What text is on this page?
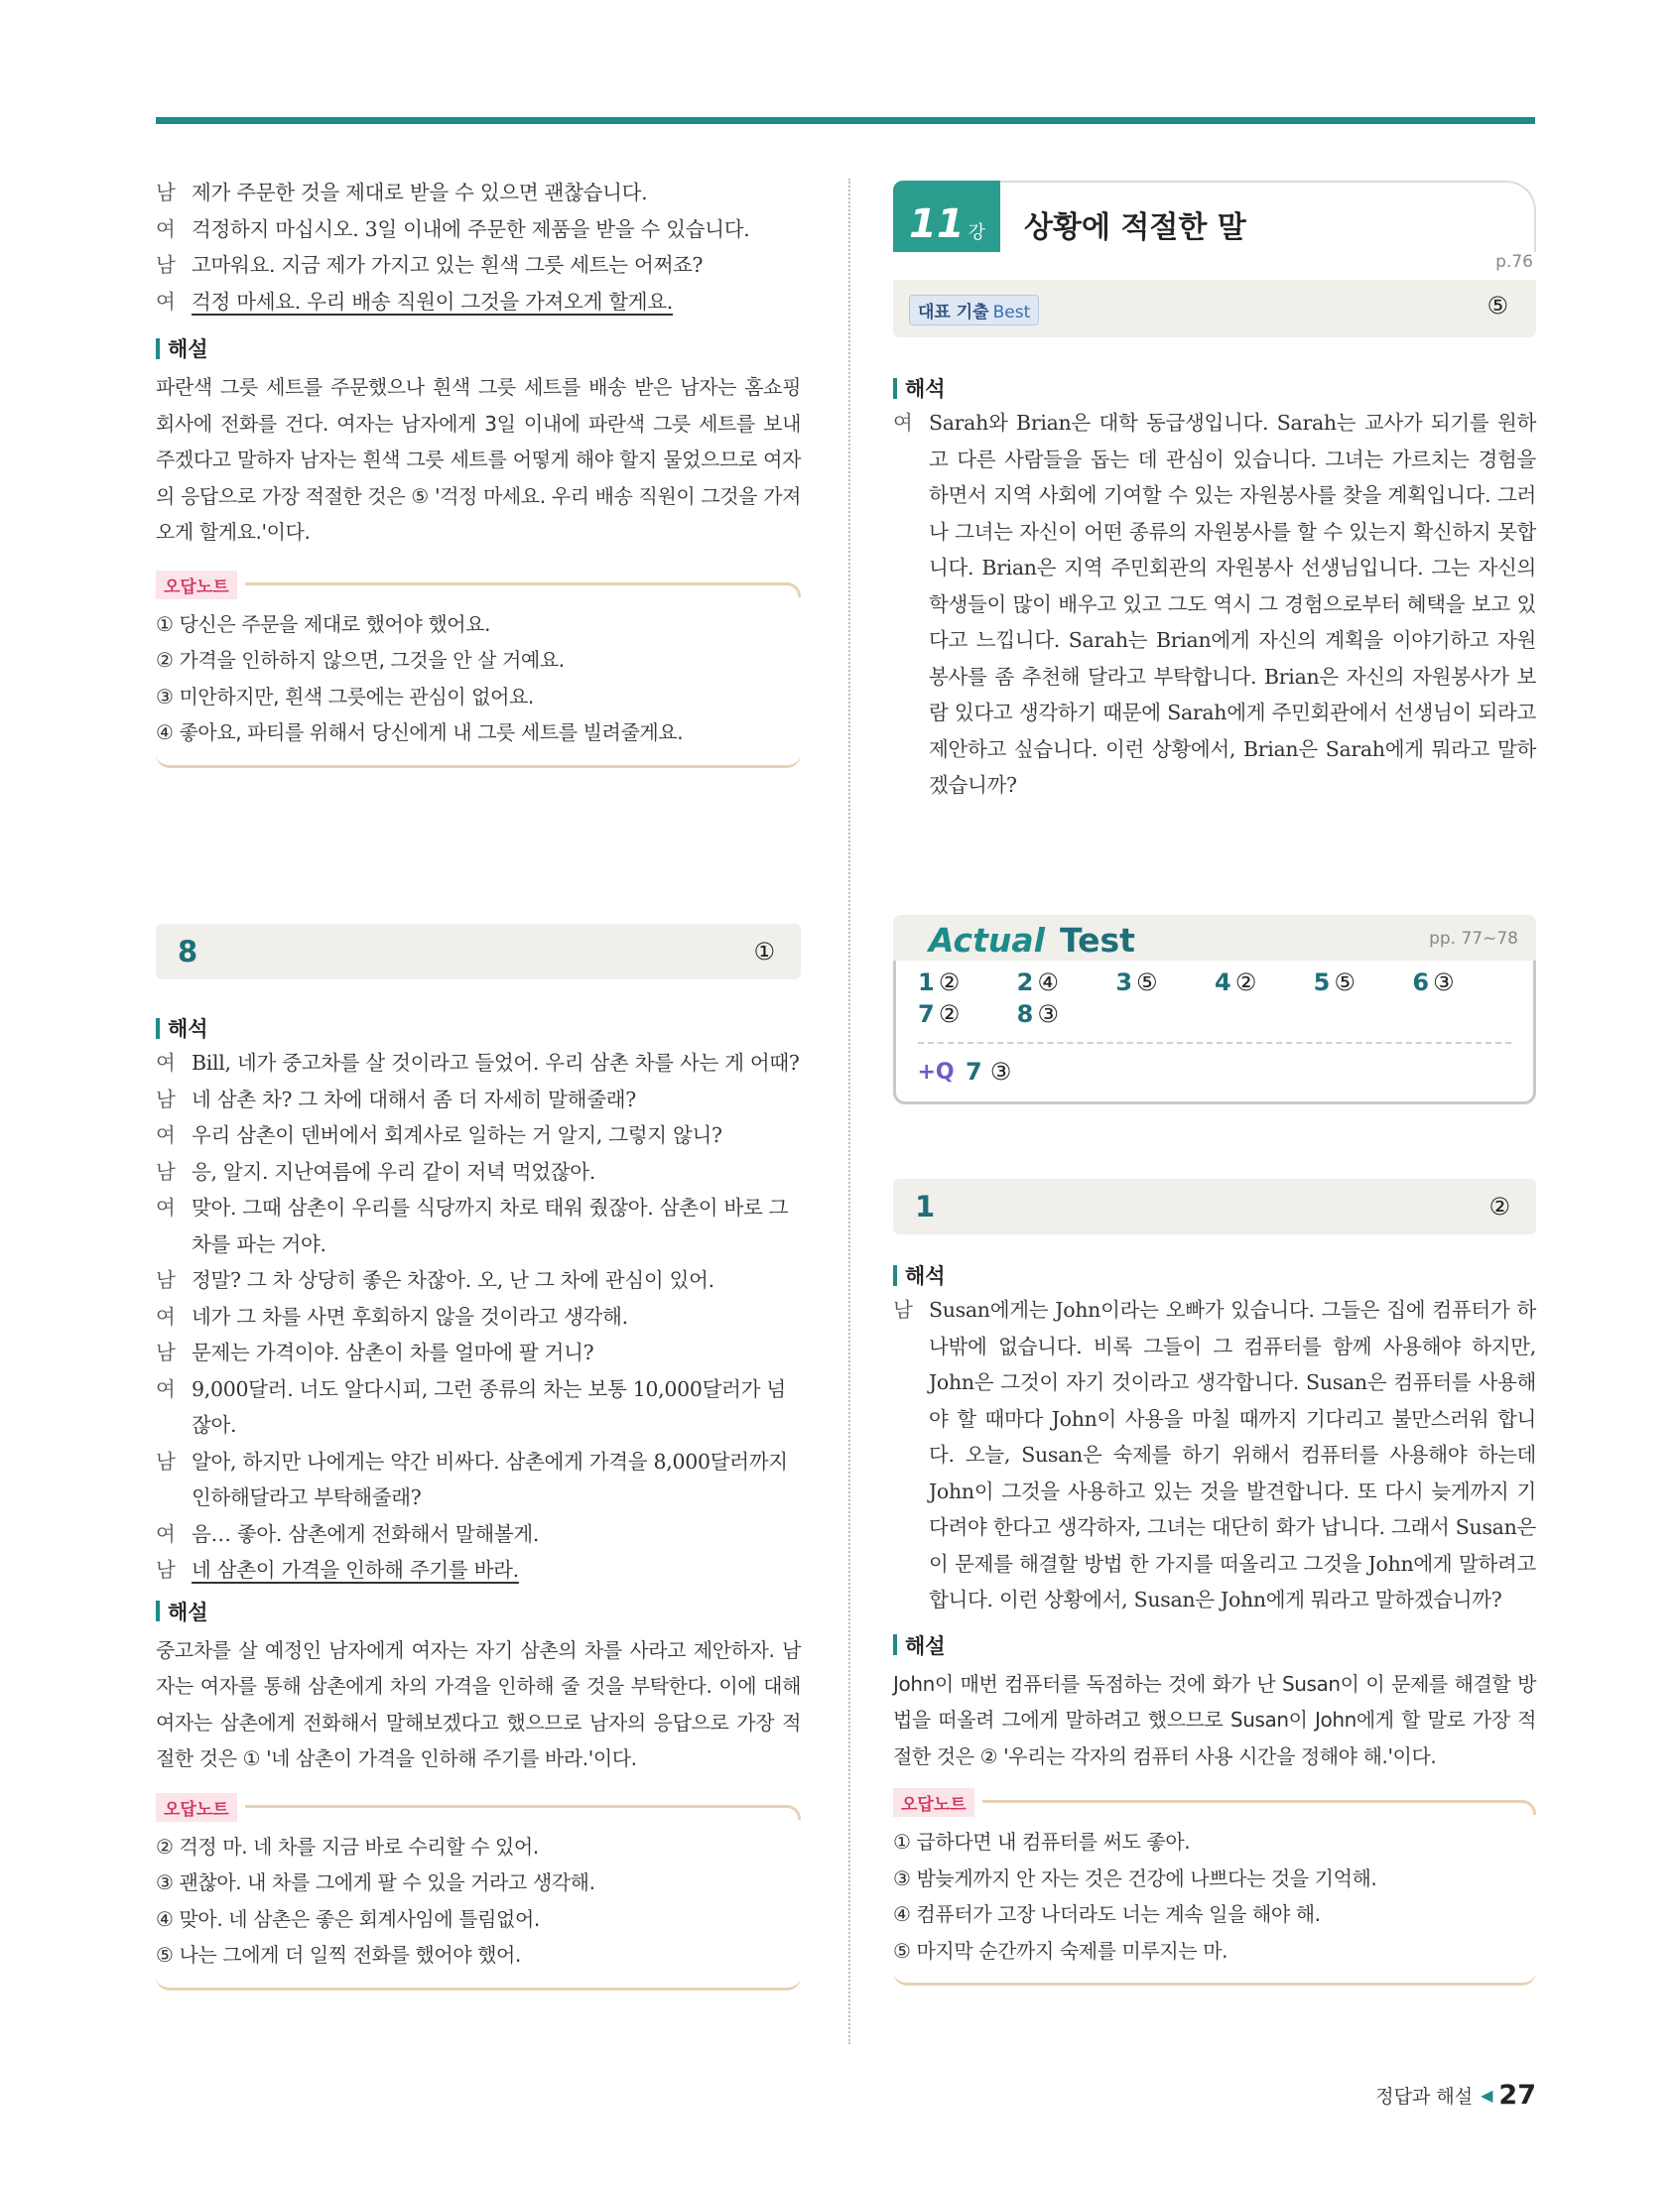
남 제가 주문한 것을 제대로 받을 수 있으면 괜찮습니다.
여 걱정하지 마십시오. 3일 이내에 주문한 제품을 받을 수 있습니다.
남 고마워요. 지금 제가 가지고 있는 흰색 그릇 세트는 어쩌죠?
여 걱정 마세요. 우리 배송 직원이 그것을 가져오게 할게요.
해설
파란색 그릇 세트를 주문했으나 흰색 그릇 세트를 배송 받은 남자는 홈쇼핑 회사에 전화를 건다. 여자는 남자에게 3일 이내에 파란색 그릇 세트를 보내 주겠다고 말하자 남자는 흰색 그릇 세트를 어떻게 해야 할지 물었으므로 여자의 응답으로 가장 적절한 것은 ⑤ '걱정 마세요. 우리 배송 직원이 그것을 가져오게 할게요.'이다.
오답노트
① 당신은 주문을 제대로 했어야 했어요.
② 가격을 인하하지 않으면, 그것을 안 살 거예요.
③ 미안하지만, 흰색 그릇에는 관심이 없어요.
④ 좋아요, 파티를 위해서 당신에게 내 그릇 세트를 빌려줄게요.
8	①
해석
여 Bill, 네가 중고차를 살 것이라고 들었어. 우리 삼촌 차를 사는 게 어때?
남 네 삼촌 차? 그 차에 대해서 좀 더 자세히 말해줄래?
여 우리 삼촌이 덴버에서 회계사로 일하는 거 알지, 그렇지 않니?
남 응, 알지. 지난여름에 우리 같이 저녁 먹었잖아.
여 맞아. 그때 삼촌이 우리를 식당까지 차로 태워 줬잖아. 삼촌이 바로 그 차를 파는 거야.
남 정말? 그 차 상당히 좋은 차잖아. 오, 난 그 차에 관심이 있어.
여 네가 그 차를 사면 후회하지 않을 것이라고 생각해.
남 문제는 가격이야. 삼촌이 차를 얼마에 팔 거니?
여 9,000달러. 너도 알다시피, 그런 종류의 차는 보통 10,000달러가 넘잖아.
남 알아, 하지만 나에게는 약간 비싸다. 삼촌에게 가격을 8,000달러까지 인하해달라고 부탁해줄래?
여 음… 좋아. 삼촌에게 전화해서 말해볼게.
남 네 삼촌이 가격을 인하해 주기를 바라.
해설
중고차를 살 예정인 남자에게 여자는 자기 삼촌의 차를 사라고 제안하자. 남자는 여자를 통해 삼촌에게 차의 가격을 인하해 줄 것을 부탁한다. 이에 대해 여자는 삼촌에게 전화해서 말해보겠다고 했으므로 남자의 응답으로 가장 적절한 것은 ① '네 삼촌이 가격을 인하해 주기를 바라.'이다.
오답노트
② 걱정 마. 네 차를 지금 바로 수리할 수 있어.
③ 괜찮아. 내 차를 그에게 팔 수 있을 거라고 생각해.
④ 맞아. 네 삼촌은 좋은 회계사임에 틀림없어.
⑤ 나는 그에게 더 일찍 전화를 했어야 했어.
11 강 상황에 적절한 말
p.76
대표 기출 Best	⑤
해석
여 Sarah와 Brian은 대학 동급생입니다. Sarah는 교사가 되기를 원하고 다른 사람들을 돕는 데 관심이 있습니다. 그녀는 가르치는 경험을 하면서 지역 사회에 기여할 수 있는 자원봉사를 찾을 계획입니다. 그러나 그녀는 자신이 어떤 종류의 자원봉사를 할 수 있는지 확신하지 못합니다. Brian은 지역 주민회관의 자원봉사 선생님입니다. 그는 자신의 학생들이 많이 배우고 있고 그도 역시 그 경험으로부터 혜택을 보고 있다고 느낍니다. Sarah는 Brian에게 자신의 계획을 이야기하고 자원봉사를 좀 추천해 달라고 부탁합니다. Brian은 자신의 자원봉사가 보람 있다고 생각하기 때문에 Sarah에게 주민회관에서 선생님이 되라고 제안하고 싶습니다. 이런 상황에서, Brian은 Sarah에게 뭐라고 말하겠습니까?
Actual Test	pp. 77~78
1 ②	2 ④	3 ⑤	4 ②	5 ⑤	6 ③
7 ②	8 ③
+Q 7 ③
1	②
해석
남 Susan에게는 John이라는 오빠가 있습니다. 그들은 집에 컴퓨터가 하나밖에 없습니다. 비록 그들이 그 컴퓨터를 함께 사용해야 하지만, John은 그것이 자기 것이라고 생각합니다. Susan은 컴퓨터를 사용해야 할 때마다 John이 사용을 마칠 때까지 기다리고 불만스러워 합니다. 오늘, Susan은 숙제를 하기 위해서 컴퓨터를 사용해야 하는데 John이 그것을 사용하고 있는 것을 발견합니다. 또 다시 늦게까지 기다려야 한다고 생각하자, 그녀는 대단히 화가 납니다. 그래서 Susan은 이 문제를 해결할 방법 한 가지를 떠올리고 그것을 John에게 말하려고 합니다. 이런 상황에서, Susan은 John에게 뭐라고 말하겠습니까?
해설
John이 매번 컴퓨터를 독점하는 것에 화가 난 Susan이 이 문제를 해결할 방법을 떠올려 그에게 말하려고 했으므로 Susan이 John에게 할 말로 가장 적절한 것은 ② '우리는 각자의 컴퓨터 사용 시간을 정해야 해.'이다.
오답노트
① 급하다면 내 컴퓨터를 써도 좋아.
③ 밤늦게까지 안 자는 것은 건강에 나쁘다는 것을 기억해.
④ 컴퓨터가 고장 나더라도 너는 계속 일을 해야 해.
⑤ 마지막 순간까지 숙제를 미루지는 마.
정답과 해설 ◀ 27
